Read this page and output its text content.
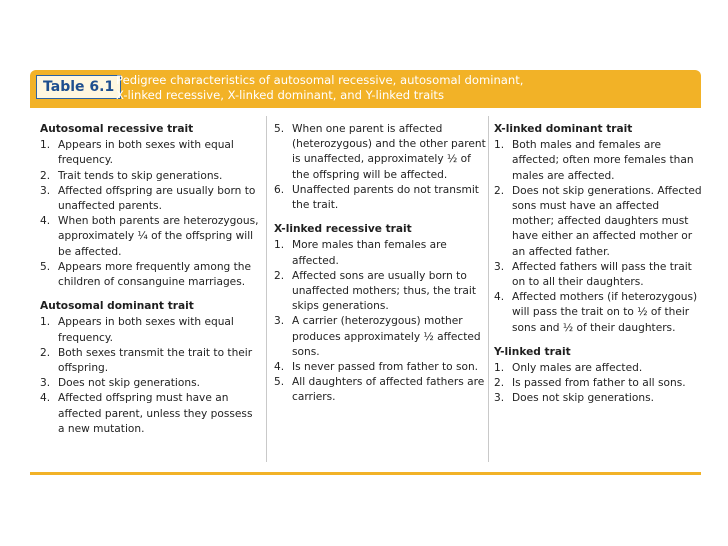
Table 6.1 Pedigree characteristics of autosomal recessive, autosomal dominant,
X-linked recessive, X-linked dominant, and Y-linked traits
Autosomal recessive trait
1. Appears in both sexes with equal frequency.
2. Trait tends to skip generations.
3. Affected offspring are usually born to unaffected parents.
4. When both parents are heterozygous, approximately ¼ of the offspring will be affected.
5. Appears more frequently among the children of consanguine marriages.
Autosomal dominant trait
1. Appears in both sexes with equal frequency.
2. Both sexes transmit the trait to their offspring.
3. Does not skip generations.
4. Affected offspring must have an affected parent, unless they possess a new mutation.
5. When one parent is affected (heterozygous) and the other parent is unaffected, approximately ½ of the offspring will be affected.
6. Unaffected parents do not transmit the trait.
X-linked recessive trait
1. More males than females are affected.
2. Affected sons are usually born to unaffected mothers; thus, the trait skips generations.
3. A carrier (heterozygous) mother produces approximately ½ affected sons.
4. Is never passed from father to son.
5. All daughters of affected fathers are carriers.
X-linked dominant trait
1. Both males and females are affected; often more females than males are affected.
2. Does not skip generations. Affected sons must have an affected mother; affected daughters must have either an affected mother or an affected father.
3. Affected fathers will pass the trait on to all their daughters.
4. Affected mothers (if heterozygous) will pass the trait on to ½ of their sons and ½ of their daughters.
Y-linked trait
1. Only males are affected.
2. Is passed from father to all sons.
3. Does not skip generations.
